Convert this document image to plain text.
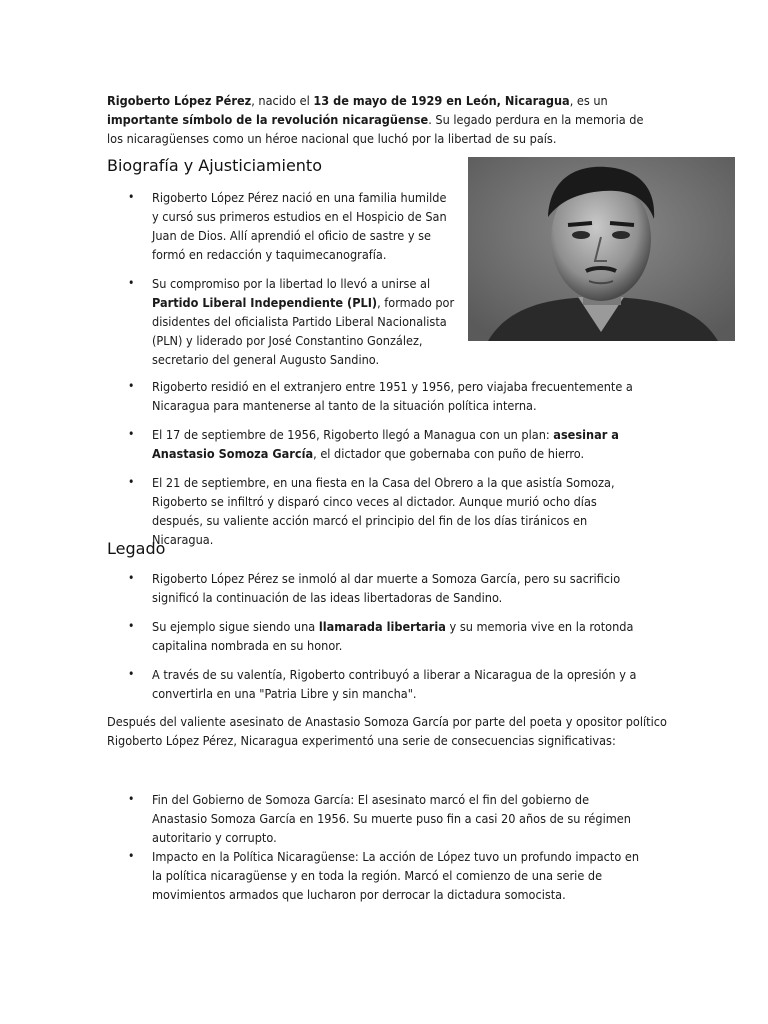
Rigoberto López Pérez, nacido el 13 de mayo de 1929 en León, Nicaragua, es un importante símbolo de la revolución nicaragüense. Su legado perdura en la memoria de los nicaragüenses como un héroe nacional que luchó por la libertad de su país.

Biografía y Ajusticiamiento
• Rigoberto López Pérez nació en una familia humilde y cursó sus primeros estudios en el Hospicio de San Juan de Dios. Allí aprendió el oficio de sastre y se formó en redacción y taquimecanografía.
• Su compromiso por la libertad lo llevó a unirse al Partido Liberal Independiente (PLI), formado por disidentes del oficialista Partido Liberal Nacionalista (PLN) y liderado por José Constantino González, secretario del general Augusto Sandino.
• Rigoberto residió en el extranjero entre 1951 y 1956, pero viajaba frecuentemente a Nicaragua para mantenerse al tanto de la situación política interna.
• El 17 de septiembre de 1956, Rigoberto llegó a Managua con un plan: asesinar a Anastasio Somoza García, el dictador que gobernaba con puño de hierro.
• El 21 de septiembre, en una fiesta en la Casa del Obrero a la que asistía Somoza, Rigoberto se infiltró y disparó cinco veces al dictador. Aunque murió ocho días después, su valiente acción marcó el principio del fin de los días tiránicos en Nicaragua.
Legado
• Rigoberto López Pérez se inmoló al dar muerte a Somoza García, pero su sacrificio significó la continuación de las ideas libertadoras de Sandino.
• Su ejemplo sigue siendo una llamarada libertaria y su memoria vive en la rotonda capitalina nombrada en su honor.
• A través de su valentía, Rigoberto contribuyó a liberar a Nicaragua de la opresión y a convertirla en una "Patria Libre y sin mancha".

Después del valiente asesinato de Anastasio Somoza García por parte del poeta y opositor político Rigoberto López Pérez, Nicaragua experimentó una serie de consecuencias significativas:

• Fin del Gobierno de Somoza García: El asesinato marcó el fin del gobierno de Anastasio Somoza García en 1956. Su muerte puso fin a casi 20 años de su régimen autoritario y corrupto.
• Impacto en la Política Nicaragüense: La acción de López tuvo un profundo impacto en la política nicaragüense y en toda la región. Marcó el comienzo de una serie de movimientos armados que lucharon por derrocar la dictadura somocista.
